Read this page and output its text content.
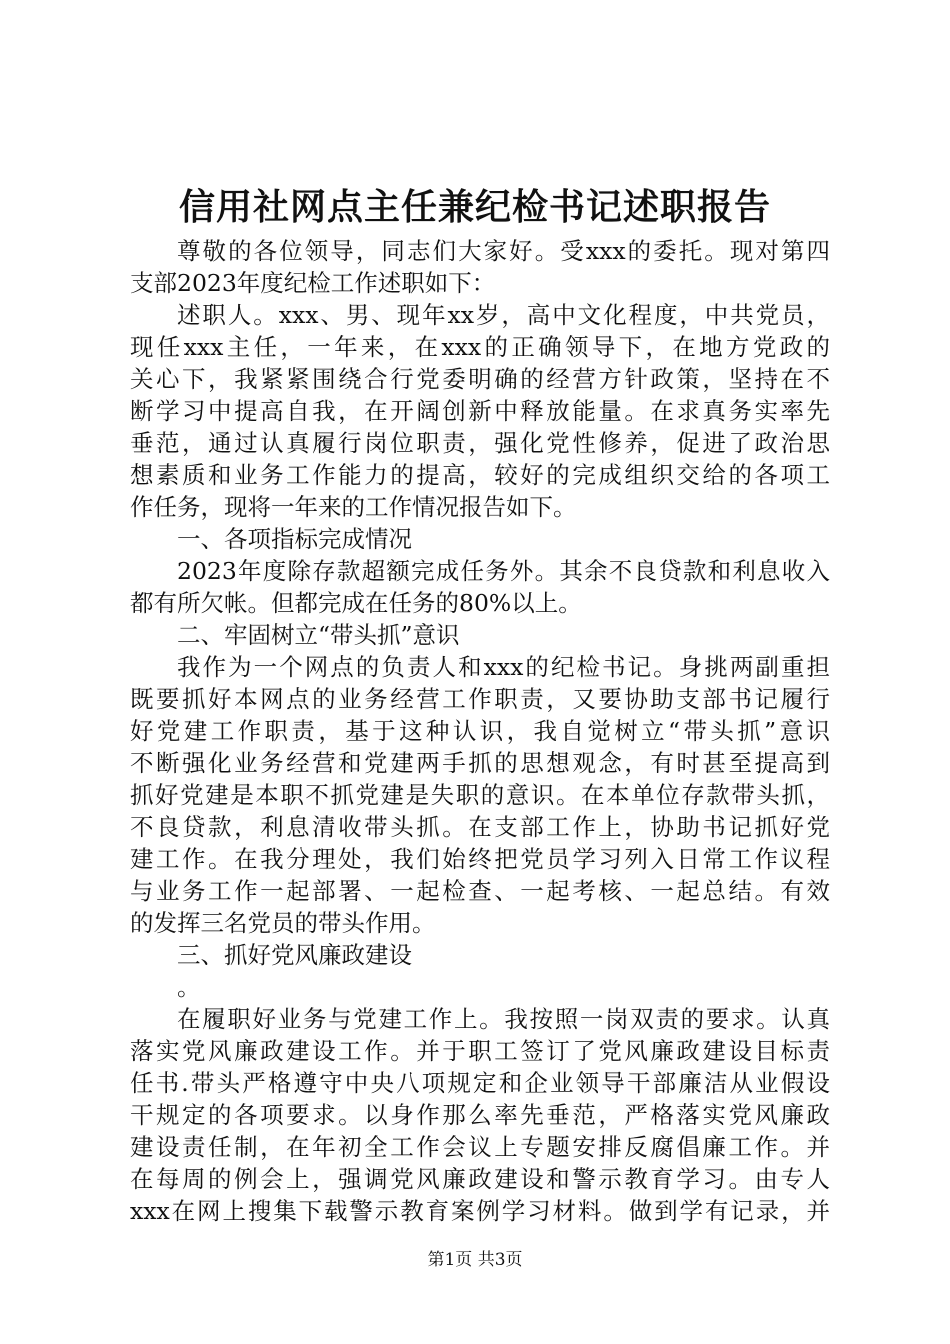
信用社网点主任兼纪检书记述职报告
尊敬的各位领导，同志们大家好。受xxx的委托。现对第四
支部2023年度纪检工作述职如下：
述职人。xxx、男、现年xx岁，高中文化程度，中共党员，
现任xxx主任，一年来，在xxx的正确领导下，在地方党政的
关心下，我紧紧围绕合行党委明确的经营方针政策，坚持在不
断学习中提高自我，在开阔创新中释放能量。在求真务实率先
垂范，通过认真履行岗位职责，强化党性修养，促进了政治思
想素质和业务工作能力的提高，较好的完成组织交给的各项工
作任务，现将一年来的工作情况报告如下。
一、各项指标完成情况
2023年度除存款超额完成任务外。其余不良贷款和利息收入
都有所欠帐。但都完成在任务的80%以上。
二、牢固树立“带头抓”意识
我作为一个网点的负责人和xxx的纪检书记。身挑两副重担
既要抓好本网点的业务经营工作职责，又要协助支部书记履行
好党建工作职责，基于这种认识，我自觉树立“带头抓”意识
不断强化业务经营和党建两手抓的思想观念，有时甚至提高到
抓好党建是本职不抓党建是失职的意识。在本单位存款带头抓，
不良贷款，利息清收带头抓。在支部工作上，协助书记抓好党
建工作。在我分理处，我们始终把党员学习列入日常工作议程
与业务工作一起部署、一起检查、一起考核、一起总结。有效
的发挥三名党员的带头作用。
三、抓好党风廉政建设
。
在履职好业务与党建工作上。我按照一岗双责的要求。认真
落实党风廉政建设工作。并于职工签订了党风廉政建设目标责
任书.带头严格遵守中央八项规定和企业领导干部廉洁从业假设
干规定的各项要求。以身作那么率先垂范，严格落实党风廉政
建设责任制，在年初全工作会议上专题安排反腐倡廉工作。并
在每周的例会上，强调党风廉政建设和警示教育学习。由专人
xxx在网上搜集下载警示教育案例学习材料。做到学有记录，并
第1页 共3页
